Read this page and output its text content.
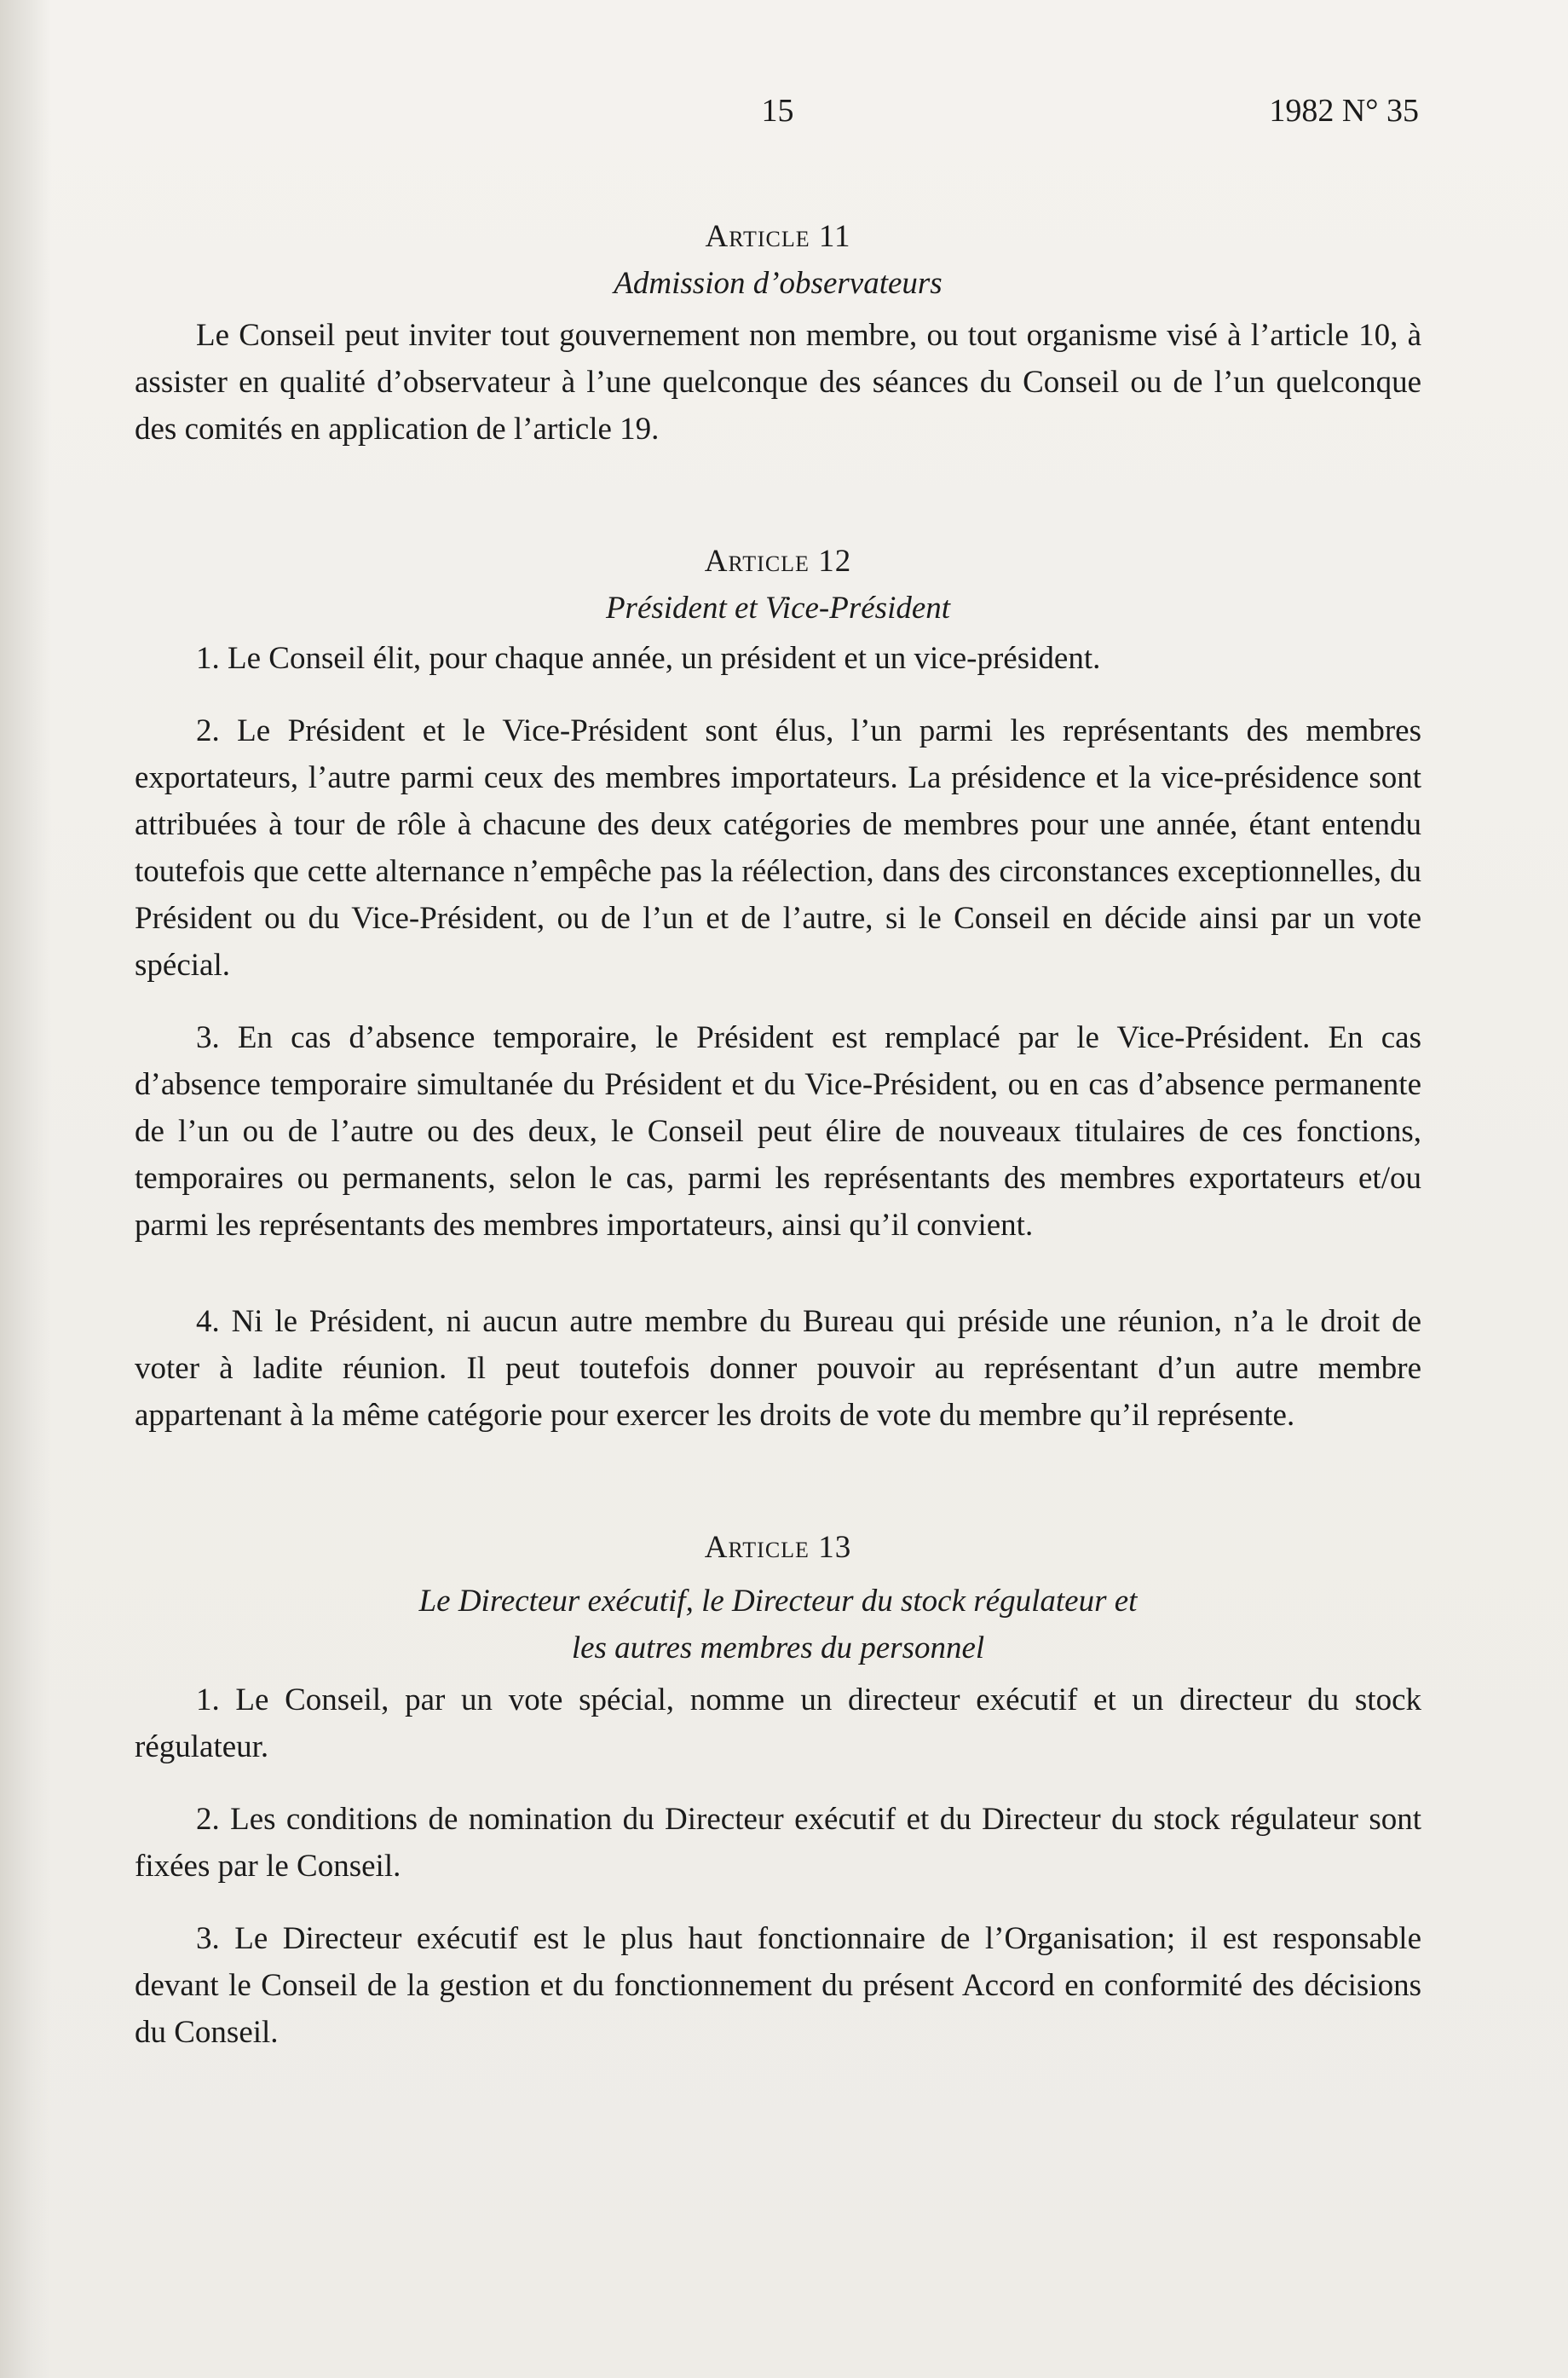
15	1982 N° 35

Article 11

Admission d’observateurs

Le Conseil peut inviter tout gouvernement non membre, ou tout organisme visé à l’article 10, à assister en qualité d’observateur à l’une quelconque des séances du Conseil ou de l’un quelconque des comités en application de l’article 19.

Article 12

Président et Vice-Président

1. Le Conseil élit, pour chaque année, un président et un vice-président.

2. Le Président et le Vice-Président sont élus, l’un parmi les représentants des membres exportateurs, l’autre parmi ceux des membres importateurs. La présidence et la vice-présidence sont attribuées à tour de rôle à chacune des deux catégories de membres pour une année, étant entendu toutefois que cette alternance n’empêche pas la réélection, dans des circonstances exceptionnelles, du Président ou du Vice-Président, ou de l’un et de l’autre, si le Conseil en décide ainsi par un vote spécial.

3. En cas d’absence temporaire, le Président est remplacé par le Vice-Président. En cas d’absence temporaire simultanée du Président et du Vice-Président, ou en cas d’absence permanente de l’un ou de l’autre ou des deux, le Conseil peut élire de nouveaux titulaires de ces fonctions, temporaires ou permanents, selon le cas, parmi les représentants des membres exportateurs et/ou parmi les représentants des membres importateurs, ainsi qu’il convient.

4. Ni le Président, ni aucun autre membre du Bureau qui préside une réunion, n’a le droit de voter à ladite réunion. Il peut toutefois donner pouvoir au représentant d’un autre membre appartenant à la même catégorie pour exercer les droits de vote du membre qu’il représente.

Article 13

Le Directeur exécutif, le Directeur du stock régulateur et

les autres membres du personnel

1. Le Conseil, par un vote spécial, nomme un directeur exécutif et un directeur du stock régulateur.

2. Les conditions de nomination du Directeur exécutif et du Directeur du stock régulateur sont fixées par le Conseil.

3. Le Directeur exécutif est le plus haut fonctionnaire de l’Organisation; il est responsable devant le Conseil de la gestion et du fonctionnement du présent Accord en conformité des décisions du Conseil.
